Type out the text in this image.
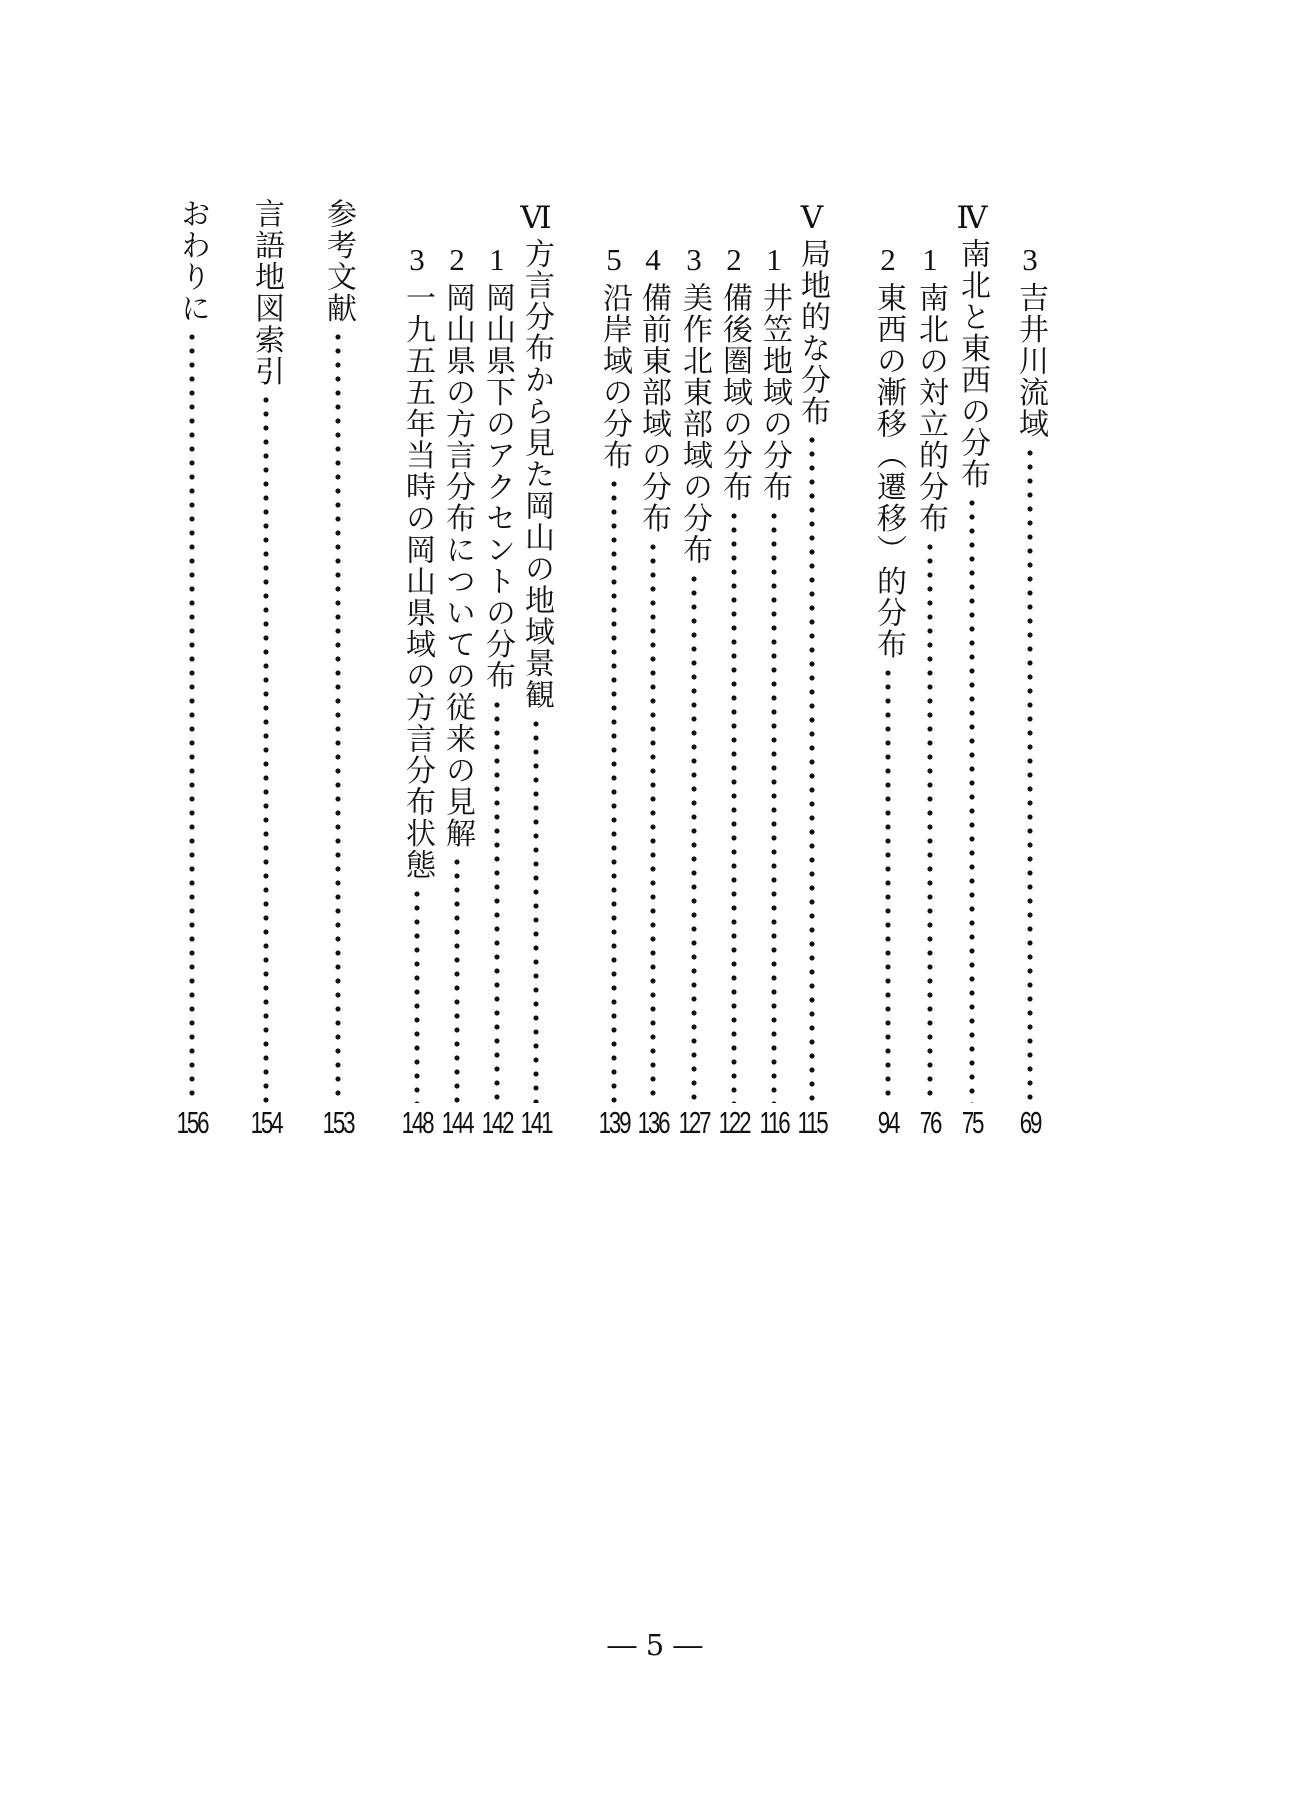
3
吉井川流域
69
Ⅳ
南北と東西の分布
75
1
南北の対立的分布
76
2
東西の漸移（遷移）的分布
94
Ⅴ
局地的な分布
115
1
井笠地域の分布
116
2
備後圏域の分布
122
3
美作北東部域の分布
127
4
備前東部域の分布
136
5
沿岸域の分布
139
Ⅵ
方言分布から見た岡山の地域景観
141
1
岡山県下のアクセントの分布
142
2
岡山県の方言分布についての従来の見解
144
3
一九五五年当時の岡山県域の方言分布状態
148
参考文献
153
言語地図索引
154
おわりに
156
― 5 ―
